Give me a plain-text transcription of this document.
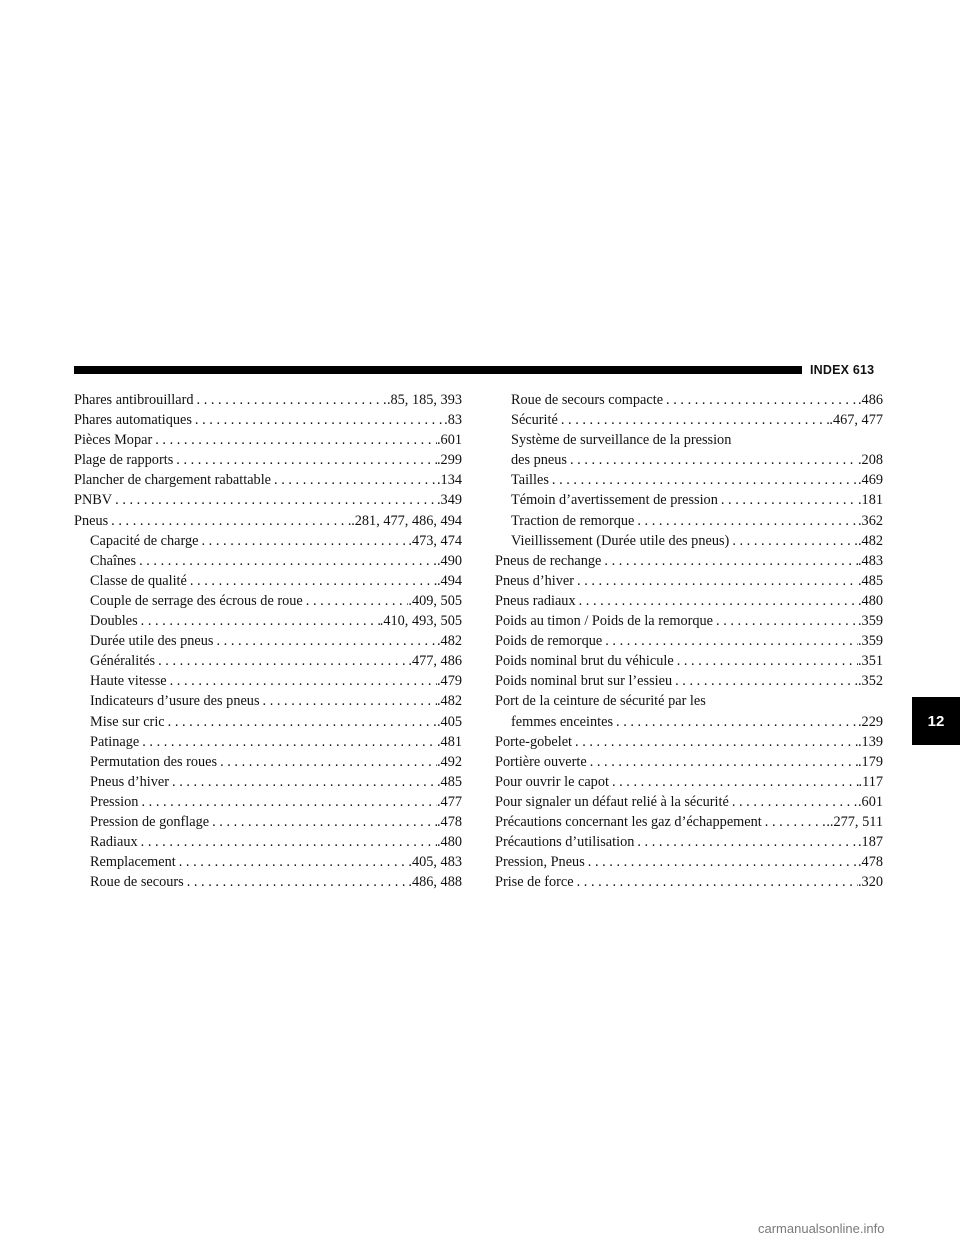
INDEX 613
Phares antibrouillard .....	.85, 185, 393
Phares automatiques .....	.83
Pièces Mopar .....	.601
Plage de rapports .....	.299
Plancher de chargement rabattable .....	.134
PNBV .....	.349
Pneus .....	.281, 477, 486, 494
Capacité de charge .....	.473, 474
Chaînes .....	.490
Classe de qualité .....	.494
Couple de serrage des écrous de roue .....	.409, 505
Doubles .....	.410, 493, 505
Durée utile des pneus .....	.482
Généralités .....	.477, 486
Haute vitesse .....	.479
Indicateurs d’usure des pneus .....	.482
Mise sur cric .....	.405
Patinage .....	.481
Permutation des roues .....	.492
Pneus d’hiver .....	.485
Pression .....	.477
Pression de gonflage .....	.478
Radiaux .....	.480
Remplacement .....	.405, 483
Roue de secours .....	.486, 488
Roue de secours compacte .....	.486
Sécurité .....	.467, 477
Système de surveillance de la pression
des pneus .....	.208
Tailles .....	.469
Témoin d’avertissement de pression .....	.181
Traction de remorque .....	.362
Vieillissement (Durée utile des pneus) .....	.482
Pneus de rechange .....	.483
Pneus d’hiver .....	.485
Pneus radiaux .....	.480
Poids au timon / Poids de la remorque .....	.359
Poids de remorque .....	.359
Poids nominal brut du véhicule .....	.351
Poids nominal brut sur l’essieu .....	.352
Port de la ceinture de sécurité par les
femmes enceintes .....	.229
Porte-gobelet .....	.139
Portière ouverte .....	.179
Pour ouvrir le capot .....	.117
Pour signaler un défaut relié à la sécurité .....	.601
Précautions concernant les gaz d’échappement .....	..277, 511
Précautions d’utilisation .....	.187
Pression, Pneus .....	.478
Prise de force .....	.320
12
carmanualsonline.info
